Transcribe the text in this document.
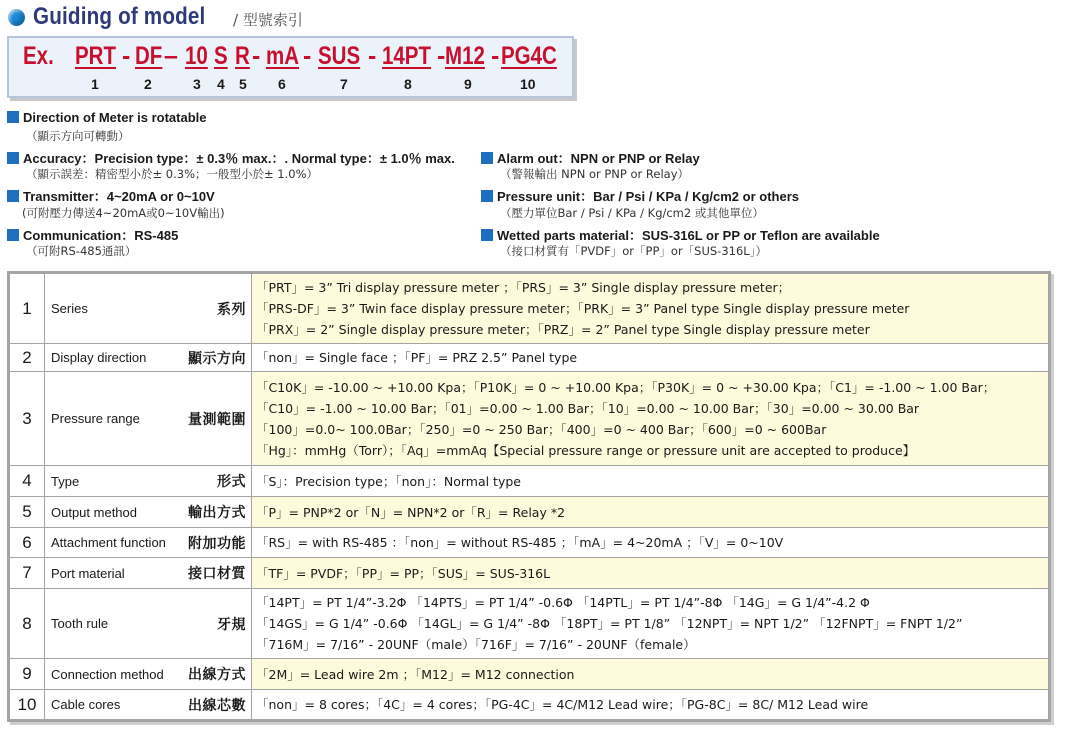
Guiding of model / 型號索引
Ex. PRT - DF – 10 S R - mA - SUS - 14PT - M12 - PG4C
1	2	3 4 5 6	7	8	9	10
Direction of Meter is rotatable
（顯示方向可轉動）
Accuracy：Precision type：± 0.3％ max.：. Normal type：± 1.0％ max.
（顯示誤差：精密型小於± 0.3%；一般型小於± 1.0%）
Transmitter：4~20mA or 0~10V
(可附壓力傳送4~20mA或0~10V輸出)
Communication：RS-485
（可附RS-485通訊）
Alarm out：NPN or PNP or Relay
（警報輸出 NPN or PNP or Relay）
Pressure unit：Bar / Psi / KPa / Kg/cm2 or others
（壓力單位Bar / Psi / KPa / Kg/cm2 或其他單位）
Wetted parts material：SUS-316L or PP or Teflon are available
（接口材質有「PVDF」or「PP」or「SUS-316L」）
1	Series	系列
「PRT」= 3” Tri display pressure meter ；「PRS」= 3” Single display pressure meter；
「PRS-DF」= 3” Twin face display pressure meter；「PRK」= 3” Panel type Single display pressure meter
「PRX」= 2” Single display pressure meter；「PRZ」= 2” Panel type Single display pressure meter
2	Display direction	顯示方向 「non」= Single face ；「PF」= PRZ 2.5” Panel type
3	Pressure range	量測範圍
「C10K」= -10.00 ~ +10.00 Kpa；「P10K」= 0 ~ +10.00 Kpa；「P30K」= 0 ~ +30.00 Kpa；「C1」= -1.00 ~ 1.00 Bar；
「C10」= -1.00 ~ 10.00 Bar；「01」=0.00 ~ 1.00 Bar；「10」=0.00 ~ 10.00 Bar；「30」=0.00 ~ 30.00 Bar
「100」=0.0~ 100.0Bar；「250」=0 ~ 250 Bar；「400」=0 ~ 400 Bar；「600」=0 ~ 600Bar
「Hg」：mmHg（Torr）；「Aq」=mmAq【Special pressure range or pressure unit are accepted to produce】
4	Type	形式 「S」：Precision type；「non」：Normal type
5	Output method	輸出方式 「P」= PNP*2 or「N」= NPN*2 or「R」= Relay *2
6	Attachment function 附加功能 「RS」= with RS-485 ：「non」= without RS-485 ；「mA」= 4~20mA ；「V」= 0~10V
7	Port material	接口材質 「TF」= PVDF；「PP」= PP；「SUS」= SUS-316L
8	Tooth rule	牙規
「14PT」= PT 1/4”-3.2Φ 「14PTS」= PT 1/4” -0.6Φ 「14PTL」= PT 1/4”-8Φ 「14G」= G 1/4”-4.2 Φ
「14GS」= G 1/4” -0.6Φ 「14GL」= G 1/4” -8Φ 「18PT」= PT 1/8” 「12NPT」= NPT 1/2” 「12FNPT」= FNPT 1/2”
「716M」= 7/16” - 20UNF（male）「716F」= 7/16” - 20UNF（female）
9	Connection method 出線方式 「2M」= Lead wire 2m ；「M12」= M12 connection
10	Cable cores	出線芯數 「non」= 8 cores；「4C」= 4 cores；「PG-4C」= 4C/M12 Lead wire；「PG-8C」= 8C/ M12 Lead wire
